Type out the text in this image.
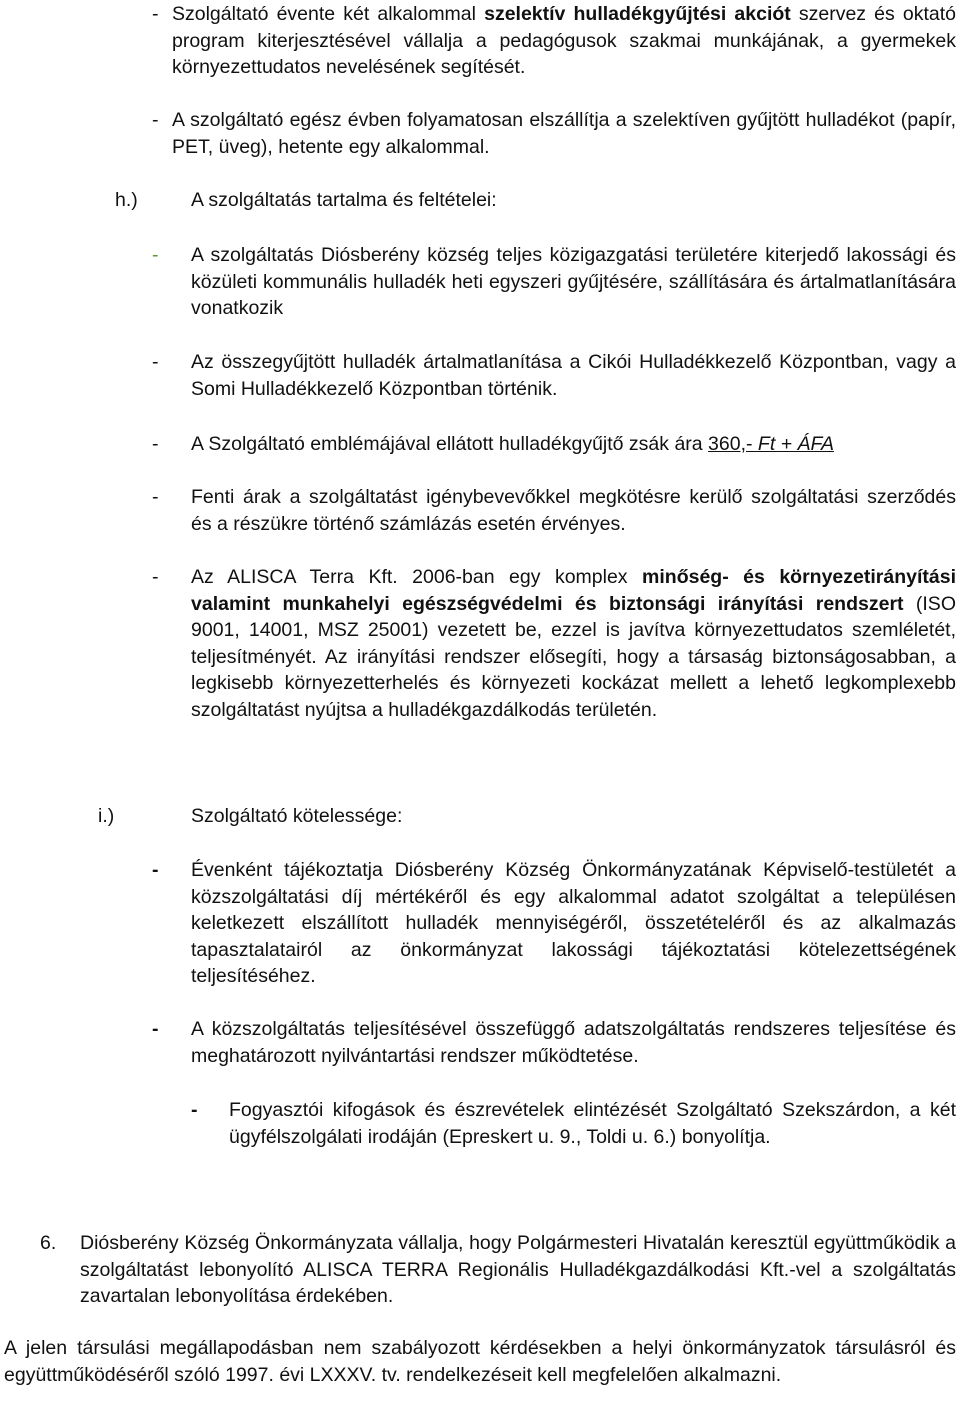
- Szolgáltató évente két alkalommal szelektív hulladékgyűjtési akciót szervez és oktató program kiterjesztésével vállalja a pedagógusok szakmai munkájának, a gyermekek környezettudatos nevelésének segítését.
- A szolgáltató egész évben folyamatosan elszállítja a szelektíven gyűjtött hulladékot (papír, PET, üveg), hetente egy alkalommal.
h.)	A szolgáltatás tartalma és feltételei:
- A szolgáltatás Diósberény község teljes közigazgatási területére kiterjedő lakossági és közületi kommunális hulladék heti egyszeri gyűjtésére, szállítására és ártalmatlanítására vonatkozik
- Az összegyűjtött hulladék ártalmatlanítása a Cikói Hulladékkezelő Központban, vagy a Somi Hulladékkezelő Központban történik.
- A Szolgáltató emblémájával ellátott hulladékgyűjtő zsák ára 360,- Ft + ÁFA
- Fenti árak a szolgáltatást igénybevevőkkel megkötésre kerülő szolgáltatási szerződés és a részükre történő számlázás esetén érvényes.
- Az ALISCA Terra Kft. 2006-ban egy komplex minőség- és környezetirányítási valamint munkahelyi egészségvédelmi és biztonsági irányítási rendszert (ISO 9001, 14001, MSZ 25001) vezetett be, ezzel is javítva környezettudatos szemléletét, teljesítményét. Az irányítási rendszer elősegíti, hogy a társaság biztonságosabban, a legkisebb környezetterhelés és környezeti kockázat mellett a lehető legkomplexebb szolgáltatást nyújtsa a hulladékgazdálkodás területén.
i.)	Szolgáltató kötelessége:
- Évenként tájékoztatja Diósberény Község Önkormányzatának Képviselő-testületét a közszolgáltatási díj mértékéről és egy alkalommal adatot szolgáltat a településen keletkezett elszállított hulladék mennyiségéről, összetételéről és az alkalmazás tapasztalatairól az önkormányzat lakossági tájékoztatási kötelezettségének teljesítéséhez.
- A közszolgáltatás teljesítésével összefüggő adatszolgáltatás rendszeres teljesítése és meghatározott nyilvántartási rendszer működtetése.
- Fogyasztói kifogások és észrevételek elintézését Szolgáltató Szekszárdon, a két ügyfélszolgálati irodáján (Epreskert u. 9., Toldi u. 6.) bonyolítja.
6. Diósberény Község Önkormányzata vállalja, hogy Polgármesteri Hivatalán keresztül együttműködik a szolgáltatást lebonyolító ALISCA TERRA Regionális Hulladékgazdálkodási Kft.-vel a szolgáltatás zavartalan lebonyolítása érdekében.
A jelen társulási megállapodásban nem szabályozott kérdésekben a helyi önkormányzatok társulásról és együttműködéséről szóló 1997. évi LXXXV. tv. rendelkezéseit kell megfelelően alkalmazni.
